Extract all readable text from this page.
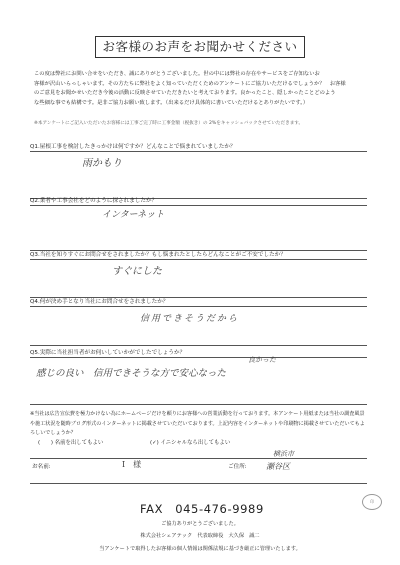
お客様のお声をお聞かせください
この度は弊社にお問い合せをいただき、誠にありがとうございました。世の中には弊社の存在やサービスをご存知ないお
客様が沢山いらっしゃいます。その方たちに弊社をよく知っていただくためのアンケートにご協力いただけるでしょうか？　お客様
のご意見をお聞かせいただき今後の活動に反映させていただきたいと考えております。良かったこと、隠しかったことどのよう
な些細な事でも結構です。是非ご協力お願い致します。（出来るだけ具体的に書いていただけるとありがたいです。）
※本アンケートにご記入いただいたお客様には工事ご完了時に工事金額（税抜き）の 2%をキャッシュバックさせていただきます。
Q1.屋根工事を検討したきっかけは何ですか？どんなことで悩まれていましたか？
雨かもり
Q2.業者や工事会社をどのように探されましたか？
インターネット
Q3.当社を知りすぐにお問合せをされましたか？もし悩まれたとしたらどんなことがご不安でしたか？
すぐにした
Q4.何が決め手となり当社にお問合せをされましたか？
信用できそうだから
Q5.実際に当社担当者がお伺いしていかがでしたでしょうか？
良かった
感じの良い　信用できそうな方で安心なった
※当社は広告宣伝費を極力かけない為にホームページだけを頼りにお客様への営業活動を行っております。本アンケート用紙または当社の調査風景や施工状況を随時ブログ形式のインターネットに掲載させていただいております。上記内容をインターネットや印刷物に掲載させていただいてもよろしいでしょうか？
(　　) 名前を出してもよい	(✓) イニシャルなら出してもよい
お名前:	I　様	ご住所:
横浜市
瀬谷区
FAX　045-476-9989
印
ご協力ありがとうございました。
株式会社シェアテック　代表取締役　大久保　誠二
当アンケートで取得したお客様の個人情報は関係法規に基づき厳正に管理いたします。
